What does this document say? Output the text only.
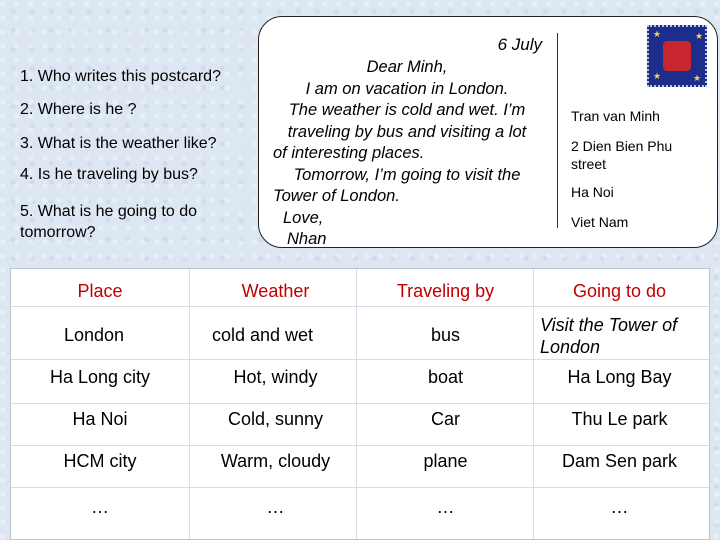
1. Who writes this postcard?

2. Where is he ?

3. What is the weather like?

4. Is he traveling by bus?

5. What is he going to do tomorrow?

6 July
Dear Minh,
I am on vacation in London.
The weather is cold and wet. I’m
traveling by bus and visiting a lot
of interesting places.
Tomorrow, I’m going to visit the
Tower of London.
Love,
Nhan
★	★
★
★
Tran van Minh
2 Dien Bien Phu street
Ha Noi
Viet Nam
Place	Weather	Traveling by	Going to do
London	cold and wet	bus	Visit the Tower of London
Ha Long city	Hot, windy	boat	Ha Long Bay
Ha Noi	Cold, sunny	Car	Thu Le park
HCM city	Warm, cloudy	plane	Dam Sen park
…	…	…	…
